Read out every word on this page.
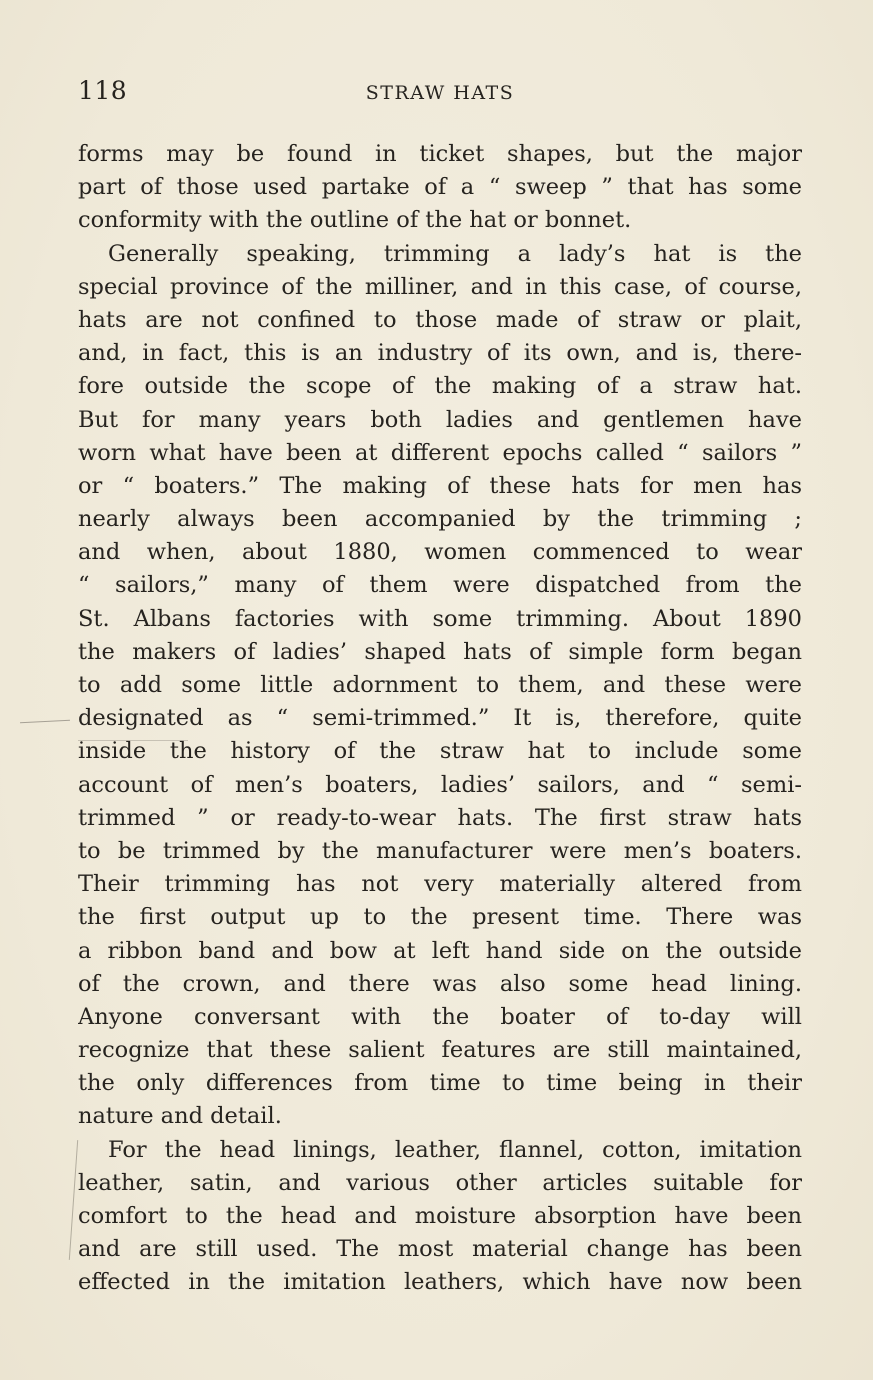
118	STRAW HATS
forms may be found in ticket shapes, but the major
part of those used partake of a “ sweep ” that has some
conformity with the outline of the hat or bonnet.
Generally speaking, trimming a lady’s hat is the
special province of the milliner, and in this case, of course,
hats are not confined to those made of straw or plait,
and, in fact, this is an industry of its own, and is, there-
fore outside the scope of the making of a straw hat.
But for many years both ladies and gentlemen have
worn what have been at different epochs called “ sailors ”
or “ boaters.” The making of these hats for men has
nearly always been accompanied by the trimming ;
and when, about 1880, women commenced to wear
“ sailors,” many of them were dispatched from the
St. Albans factories with some trimming. About 1890
the makers of ladies’ shaped hats of simple form began
to add some little adornment to them, and these were
designated as “ semi-trimmed.” It is, therefore, quite
inside the history of the straw hat to include some
account of men’s boaters, ladies’ sailors, and “ semi-
trimmed ” or ready-to-wear hats. The first straw hats
to be trimmed by the manufacturer were men’s boaters.
Their trimming has not very materially altered from
the first output up to the present time. There was
a ribbon band and bow at left hand side on the outside
of the crown, and there was also some head lining.
Anyone conversant with the boater of to-day will
recognize that these salient features are still maintained,
the only differences from time to time being in their
nature and detail.
For the head linings, leather, flannel, cotton, imitation
leather, satin, and various other articles suitable for
comfort to the head and moisture absorption have been
and are still used. The most material change has been
effected in the imitation leathers, which have now been
